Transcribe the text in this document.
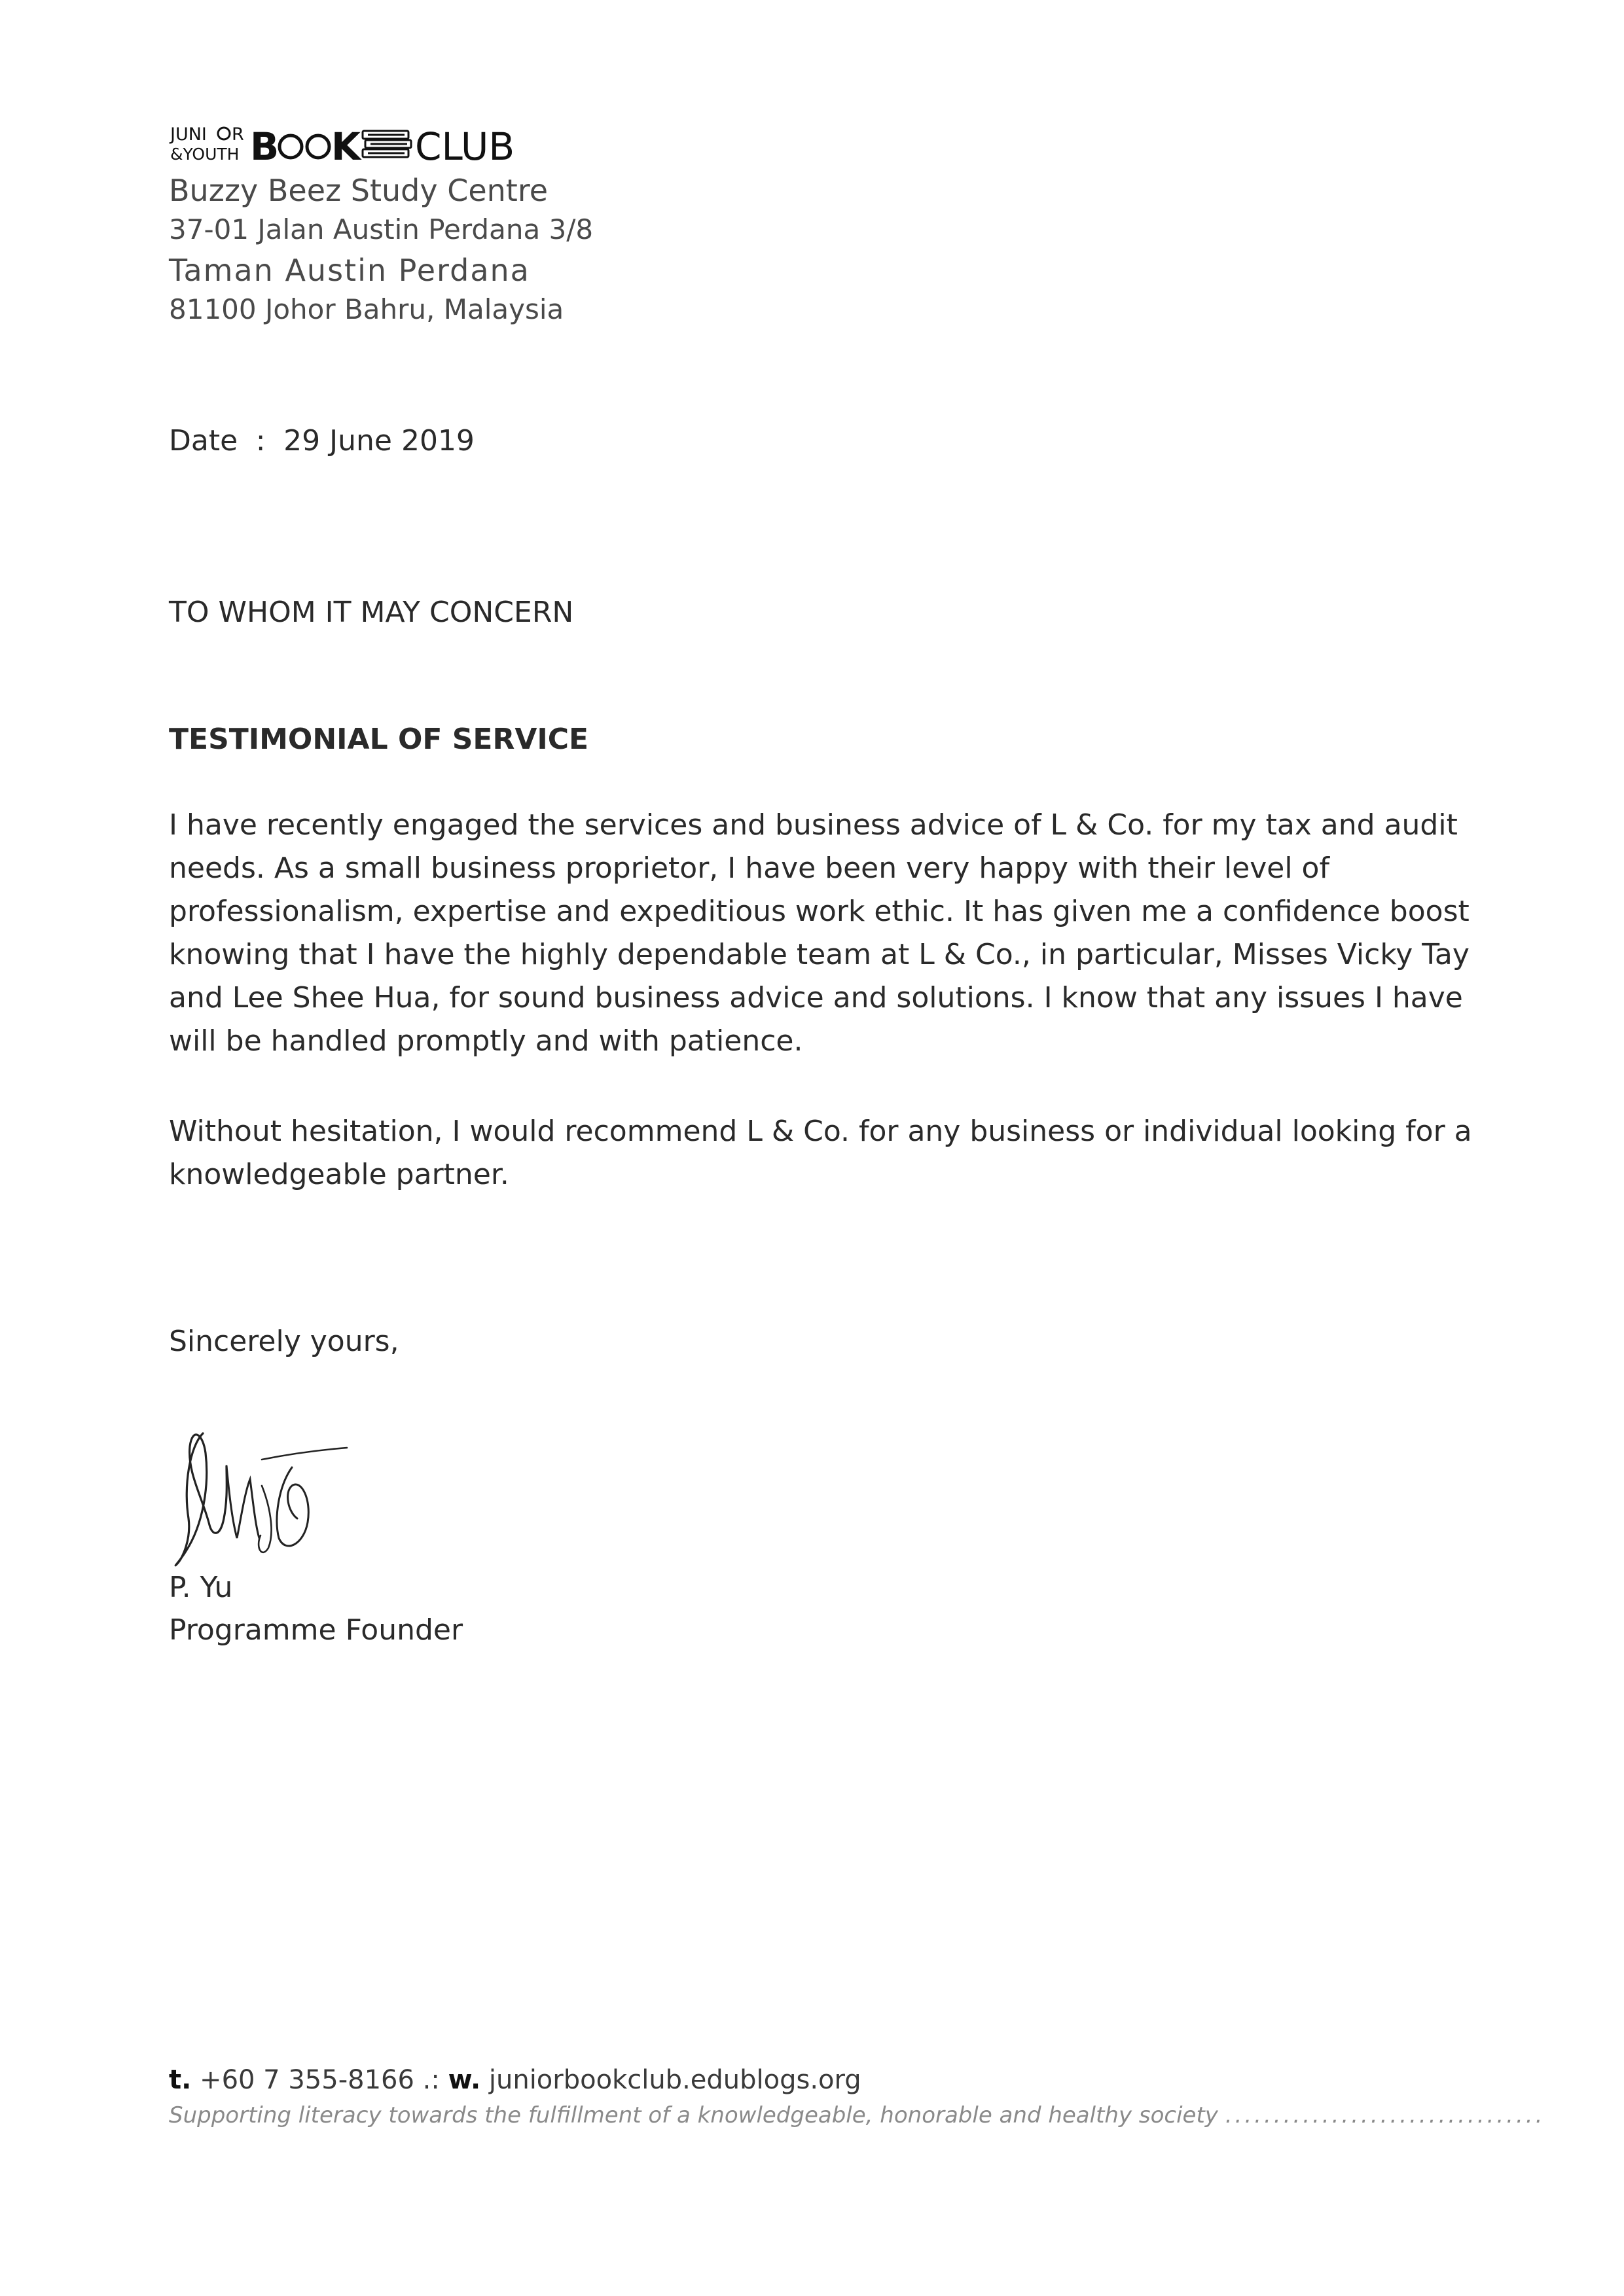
JUNI R
&YOUTH B K CLUB
Buzzy Beez Study Centre
37-01 Jalan Austin Perdana 3/8
Taman Austin Perdana
81100 Johor Bahru, Malaysia
Date : 29 June 2019
TO WHOM IT MAY CONCERN
TESTIMONIAL OF SERVICE
I have recently engaged the services and business advice of L & Co. for my tax and audit needs. As a small business proprietor, I have been very happy with their level of professionalism, expertise and expeditious work ethic. It has given me a confidence boost knowing that I have the highly dependable team at L & Co., in particular, Misses Vicky Tay and Lee Shee Hua, for sound business advice and solutions. I know that any issues I have will be handled promptly and with patience.
Without hesitation, I would recommend L & Co. for any business or individual looking for a knowledgeable partner.
Sincerely yours,
P. Yu
Programme Founder
t. +60 7 355-8166 .: w. juniorbookclub.edublogs.org
Supporting literacy towards the fulfillment of a knowledgeable, honorable and healthy society .................................
